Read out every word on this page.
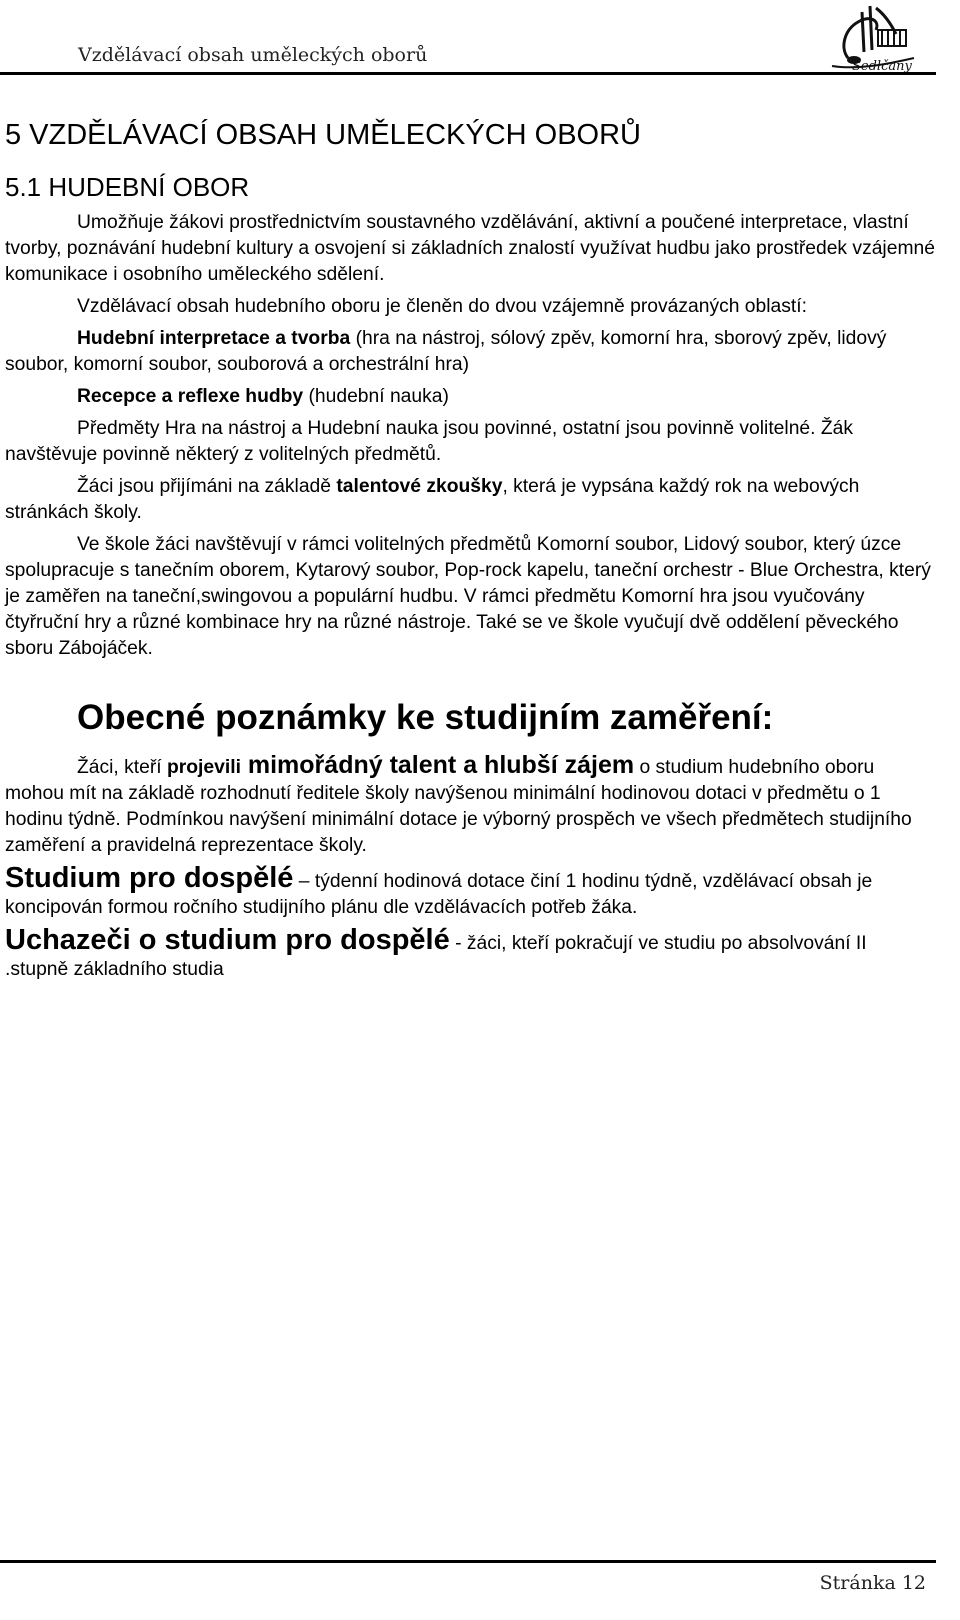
Vzdělávací obsah uměleckých oborů
Sedlčany
5 VZDĚLÁVACÍ OBSAH UMĚLECKÝCH OBORŮ
5.1 HUDEBNÍ OBOR

Umožňuje žákovi prostřednictvím soustavného vzdělávání, aktivní a poučené interpretace, vlastní tvorby, poznávání hudební kultury a osvojení si základních znalostí využívat hudbu jako prostředek vzájemné komunikace i osobního uměleckého sdělení.

Vzdělávací obsah hudebního oboru je členěn do dvou vzájemně provázaných oblastí:

Hudební interpretace a tvorba (hra na nástroj, sólový zpěv, komorní hra, sborový zpěv, lidový soubor, komorní soubor, souborová a orchestrální hra)

Recepce a reflexe hudby (hudební nauka)

Předměty Hra na nástroj a Hudební nauka jsou povinné, ostatní jsou povinně volitelné. Žák navštěvuje povinně některý z volitelných předmětů.

Žáci jsou přijímáni na základě talentové zkoušky, která je vypsána každý rok na webových stránkách školy.

Ve škole žáci navštěvují v rámci volitelných předmětů Komorní soubor, Lidový soubor, který úzce spolupracuje s tanečním oborem, Kytarový soubor, Pop-rock kapelu, taneční orchestr - Blue Orchestra, který je zaměřen na taneční,swingovou a populární hudbu. V rámci předmětu Komorní hra jsou vyučovány čtyřruční hry a různé kombinace hry na různé nástroje. Také se ve škole vyučují dvě oddělení pěveckého sboru Zábojáček.

Obecné poznámky ke studijním zaměření:

Žáci, kteří projevili mimořádný talent a hlubší zájem o studium hudebního oboru mohou mít na základě rozhodnutí ředitele školy navýšenou minimální hodinovou dotaci v předmětu o 1 hodinu týdně. Podmínkou navýšení minimální dotace je výborný prospěch ve všech předmětech studijního zaměření a pravidelná reprezentace školy.

Studium pro dospělé – týdenní hodinová dotace činí 1 hodinu týdně, vzdělávací obsah je koncipován formou ročního studijního plánu dle vzdělávacích potřeb žáka.

Uchazeči o studium pro dospělé - žáci, kteří pokračují ve studiu po absolvování II .stupně základního studia

Stránka 12
